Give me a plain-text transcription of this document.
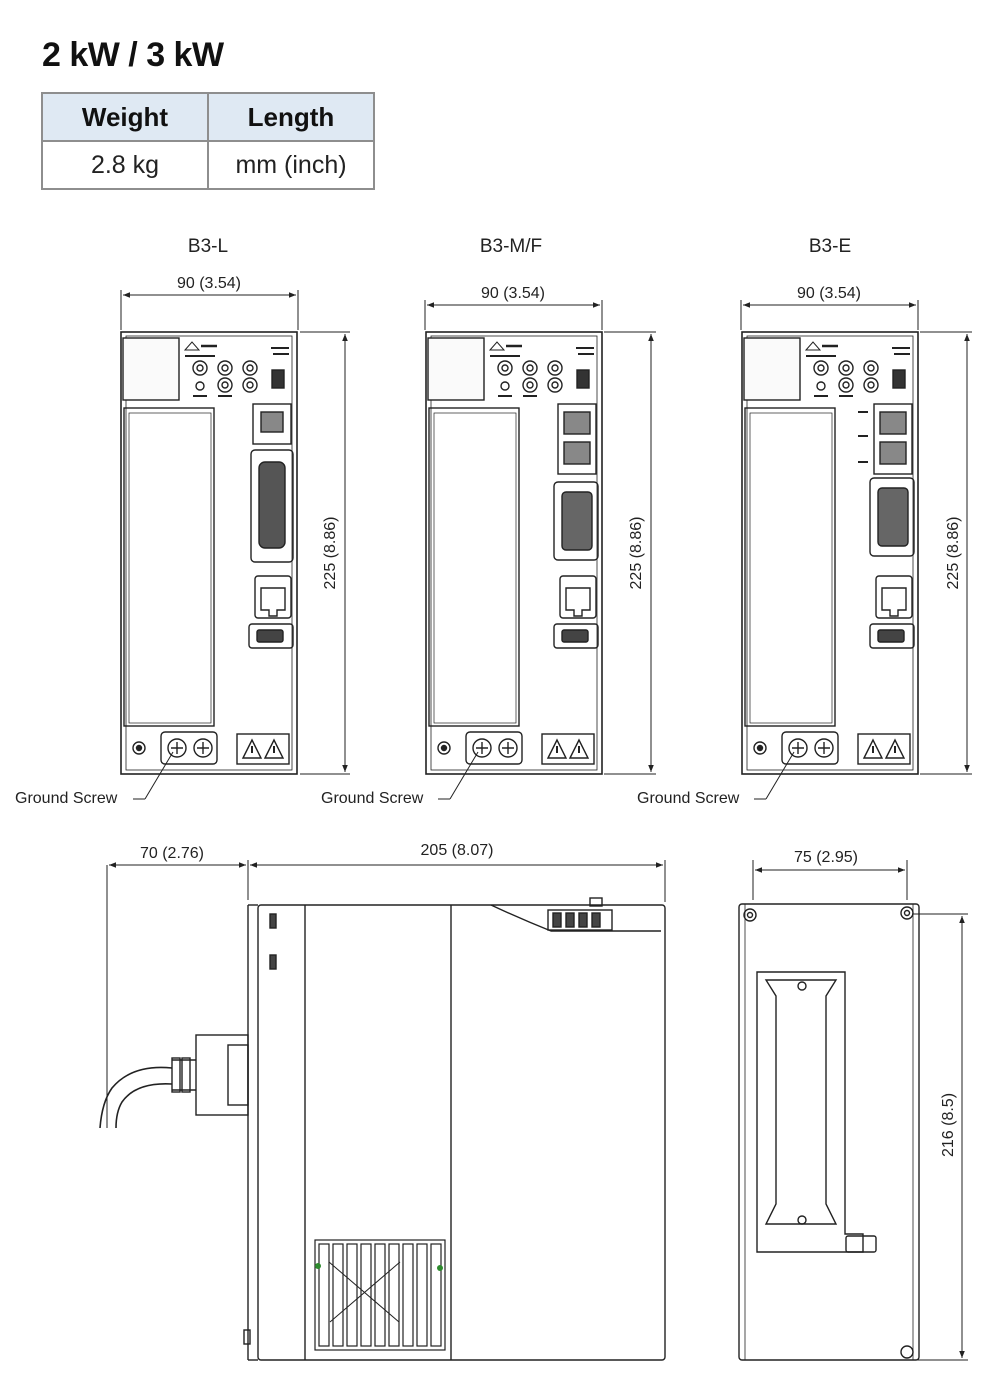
2 kW / 3 kW
Weight	Length
2.8 kg	mm (inch)
B3-L	B3-M/F	B3-E
90 (3.54)
90 (3.54)	90 (3.54)
225 (8.86)	225 (8.86)	225 (8.86)
Ground Screw	Ground Screw	Ground Screw
70 (2.76)	205 (8.07)	75 (2.95)
216 (8.5)
